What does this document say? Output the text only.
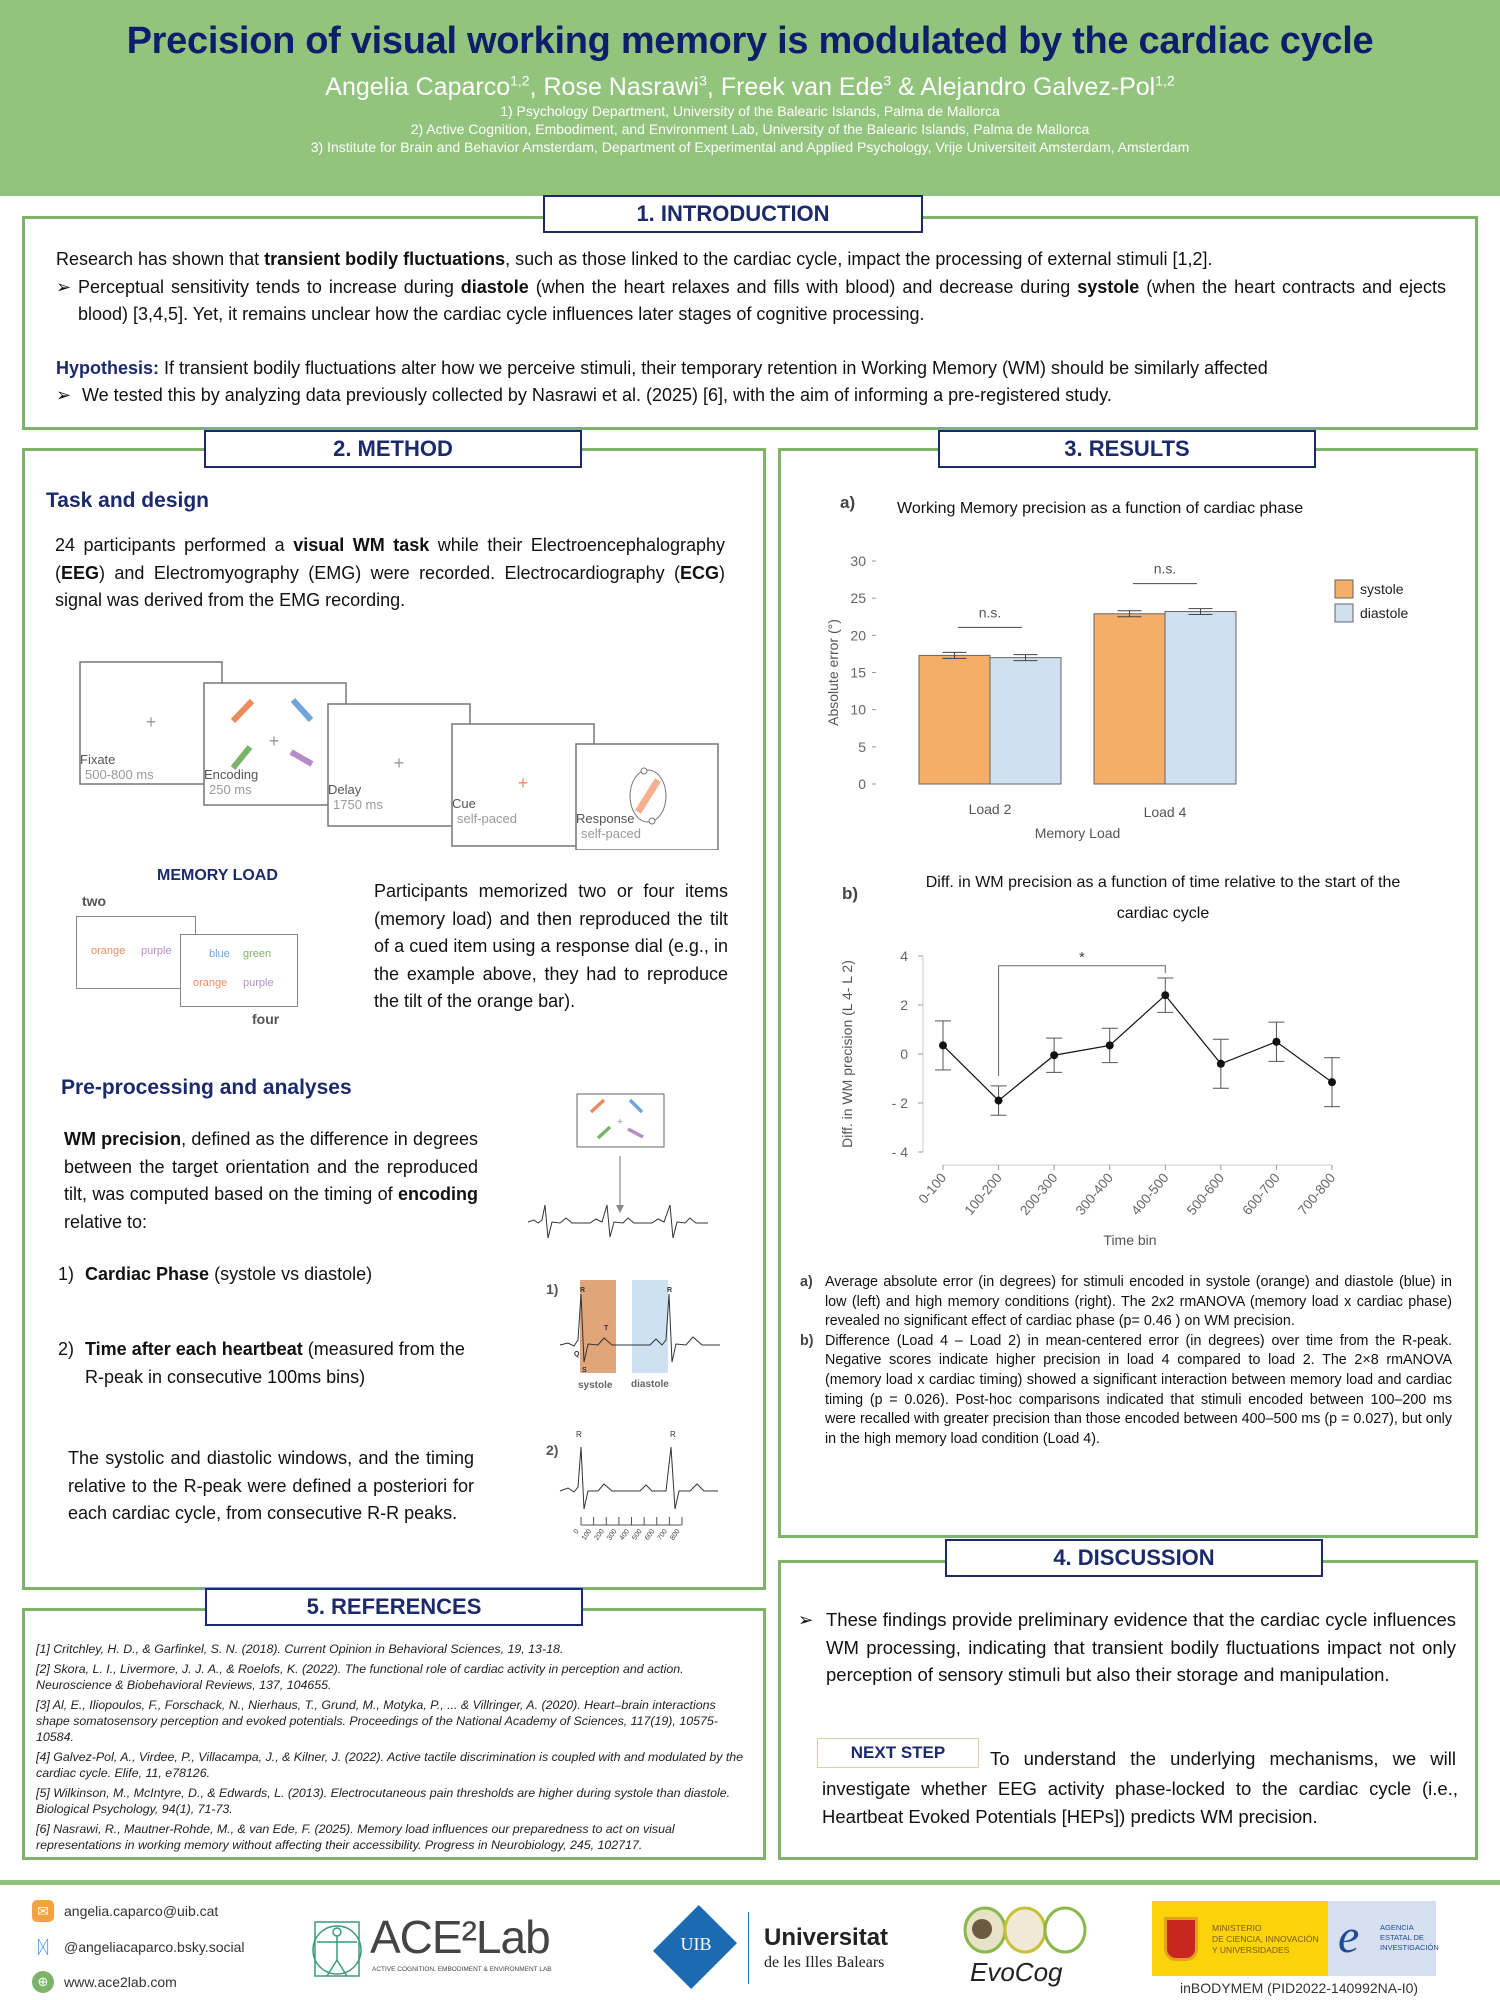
Precision of visual working memory is modulated by the cardiac cycle
Angelia Caparco$^{1,2}$, Rose Nasrawi$^3$, Freek van Ede$^3$ & Alejandro Galvez-Pol$^{1,2}$
1) Psychology Department, University of the Balearic Islands, Palma de Mallorca
2) Active Cognition, Embodiment, and Environment Lab, University of the Balearic Islands, Palma de Mallorca
3) Institute for Brain and Behavior Amsterdam, Department of Experimental and Applied Psychology, Vrije Universiteit Amsterdam, Amsterdam
1. INTRODUCTION
Research has shown that transient bodily fluctuations, such as those linked to the cardiac cycle, impact the processing of external stimuli [1,2].
➢ Perceptual sensitivity tends to increase during diastole (when the heart relaxes and fills with blood) and decrease during systole (when the heart contracts and ejects blood) [3,4,5]. Yet, it remains unclear how the cardiac cycle influences later stages of cognitive processing.
Hypothesis: If transient bodily fluctuations alter how we perceive stimuli, their temporary retention in Working Memory (WM) should be similarly affected
➢ We tested this by analyzing data previously collected by Nasrawi et al. (2025) [6], with the aim of informing a pre-registered study.
2. METHOD
Task and design
24 participants performed a visual WM task while their Electroencephalography (EEG) and Electromyography (EMG) were recorded. Electrocardiography (ECG) signal was derived from the EMG recording.
+
+
+
+
Fixate
500-800 ms	Encoding
250 ms	Delay
1750 ms	Cue
self-paced	Response
self-paced
MEMORY LOAD
two
orange purple	blue green
orange purple
four
Participants memorized two or four items (memory load) and then reproduced the tilt of a cued item using a response dial (e.g., in the example above, they had to reproduce the tilt of the orange bar).
Pre-processing and analyses
WM precision, defined as the difference in degrees between the target orientation and the reproduced tilt, was computed based on the timing of encoding relative to:
1) Cardiac Phase (systole vs diastole)
2) Time after each heartbeat (measured from the R-peak in consecutive 100ms bins)
The systolic and diastolic windows, and the timing relative to the R-peak were defined a posteriori for each cardiac cycle, from consecutive R-R peaks.
+
1)	R	R
T
Q
S
systole diastole
2)
R	R
0 100 200 300 400 500 600 700 800
3. RESULTS
a)	Working Memory precision as a function of cardiac phase
0
5
10
15
20
25
30
Absolute error (°)
n.s.
Load 2
n.s.
Load 4
Memory Load
systole
diastole
b)
Diff. in WM precision as a function of time relative to the start of the cardiac cycle
- 4
- 2
0
2
4
Diff. in WM precision (L 4- L 2)
0-100 100-200 200-300 300-400 400-500 500-600 600-700 700-800
Time bin
*
a) Average absolute error (in degrees) for stimuli encoded in systole (orange) and diastole (blue) in low (left) and high memory conditions (right). The 2x2 rmANOVA (memory load x cardiac phase) revealed no significant effect of cardiac phase (p= 0.46 ) on WM precision.
b) Difference (Load 4 – Load 2) in mean-centered error (in degrees) over time from the R-peak. Negative scores indicate higher precision in load 4 compared to load 2. The 2×8 rmANOVA (memory load x cardiac timing) showed a significant interaction between memory load and cardiac timing (p = 0.026). Post-hoc comparisons indicated that stimuli encoded between 100–200 ms were recalled with greater precision than those encoded between 400–500 ms (p = 0.027), but only in the high memory load condition (Load 4).
4. DISCUSSION
➢ These findings provide preliminary evidence that the cardiac cycle influences WM processing, indicating that transient bodily fluctuations impact not only perception of sensory stimuli but also their storage and manipulation.
NEXT STEP	To understand the underlying mechanisms, we will
investigate whether EEG activity phase-locked to the cardiac cycle (i.e., Heartbeat Evoked Potentials [HEPs]) predicts WM precision.
5. REFERENCES
[1] Critchley, H. D., & Garfinkel, S. N. (2018). Current Opinion in Behavioral Sciences, 19, 13-18.
[2] Skora, L. I., Livermore, J. J. A., & Roelofs, K. (2022). The functional role of cardiac activity in perception and action. Neuroscience & Biobehavioral Reviews, 137, 104655.
[3] Al, E., Iliopoulos, F., Forschack, N., Nierhaus, T., Grund, M., Motyka, P., ... & Villringer, A. (2020). Heart–brain interactions shape somatosensory perception and evoked potentials. Proceedings of the National Academy of Sciences, 117(19), 10575-10584.
[4] Galvez-Pol, A., Virdee, P., Villacampa, J., & Kilner, J. (2022). Active tactile discrimination is coupled with and modulated by the cardiac cycle. Elife, 11, e78126.
[5] Wilkinson, M., McIntyre, D., & Edwards, L. (2013). Electrocutaneous pain thresholds are higher during systole than diastole. Biological Psychology, 94(1), 71-73.
[6] Nasrawi, R., Mautner-Rohde, M., & van Ede, F. (2025). Memory load influences our preparedness to act on visual representations in working memory without affecting their accessibility. Progress in Neurobiology, 245, 102717.
✉	angelia.caparco@uib.cat
ᛞ	@angeliacaparco.bsky.social
⊕	www.ace2lab.com
ACE²Lab
ACTIVE COGNITION, EMBODIMENT & ENVIRONMENT LAB
UIB	Universitat
de les Illes Balears	EvoCog
MINISTERIO
DE CIENCIA, INNOVACIÓN
Y UNIVERSIDADES	e	AGENCIA
ESTATAL DE
INVESTIGACIÓN
inBODYMEM (PID2022-140992NA-I0)
